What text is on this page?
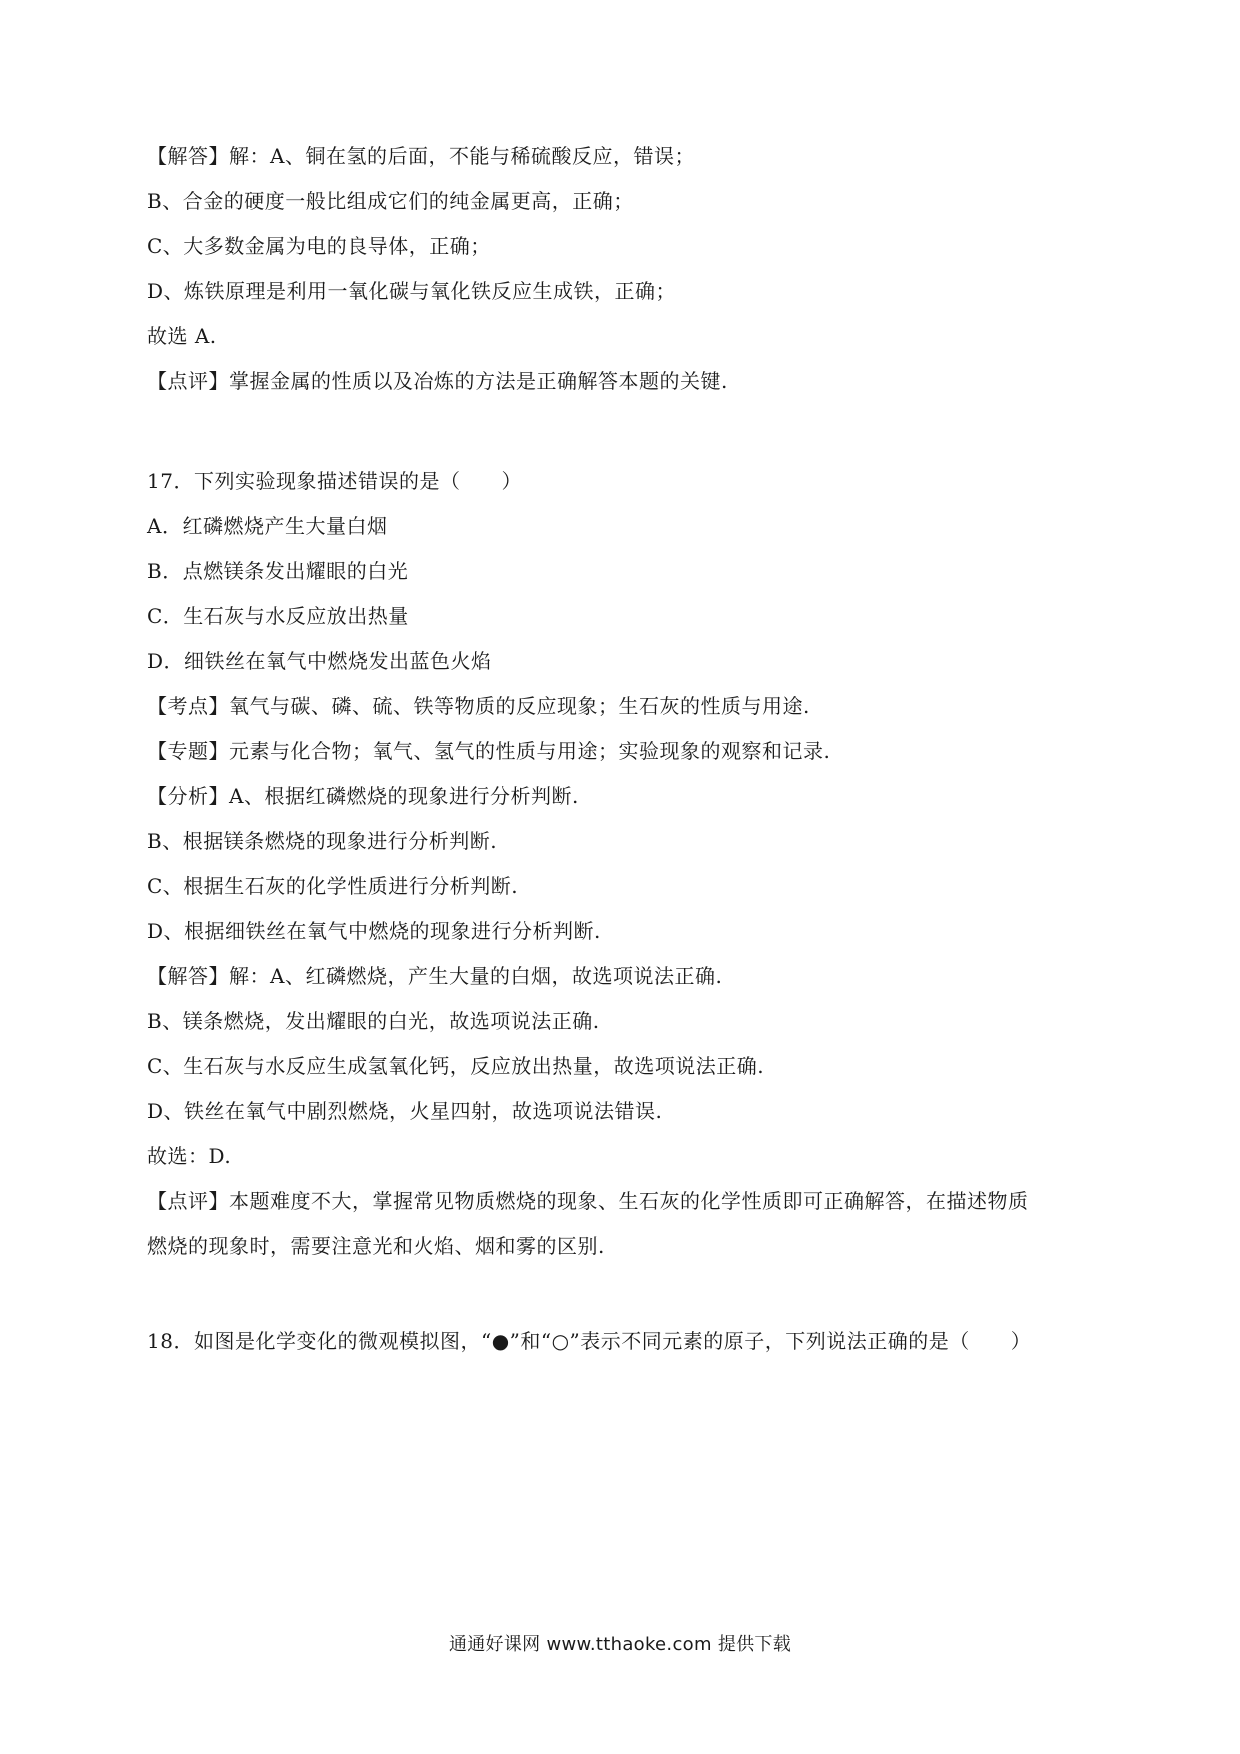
【解答】解：A、铜在氢的后面，不能与稀硫酸反应，错误；
B、合金的硬度一般比组成它们的纯金属更高，正确；
C、大多数金属为电的良导体，正确；
D、炼铁原理是利用一氧化碳与氧化铁反应生成铁，正确；
故选 A.
【点评】掌握金属的性质以及冶炼的方法是正确解答本题的关键.
17．下列实验现象描述错误的是（　　）
A．红磷燃烧产生大量白烟
B．点燃镁条发出耀眼的白光
C．生石灰与水反应放出热量
D．细铁丝在氧气中燃烧发出蓝色火焰
【考点】氧气与碳、磷、硫、铁等物质的反应现象；生石灰的性质与用途.
【专题】元素与化合物；氧气、氢气的性质与用途；实验现象的观察和记录.
【分析】A、根据红磷燃烧的现象进行分析判断.
B、根据镁条燃烧的现象进行分析判断.
C、根据生石灰的化学性质进行分析判断.
D、根据细铁丝在氧气中燃烧的现象进行分析判断.
【解答】解：A、红磷燃烧，产生大量的白烟，故选项说法正确.
B、镁条燃烧，发出耀眼的白光，故选项说法正确.
C、生石灰与水反应生成氢氧化钙，反应放出热量，故选项说法正确.
D、铁丝在氧气中剧烈燃烧，火星四射，故选项说法错误.
故选：D.
【点评】本题难度不大，掌握常见物质燃烧的现象、生石灰的化学性质即可正确解答，在描述物质
燃烧的现象时，需要注意光和火焰、烟和雾的区别.
18．如图是化学变化的微观模拟图，“●”和“○”表示不同元素的原子，下列说法正确的是（　　）
通通好课网 www.tthaoke.com 提供下载
